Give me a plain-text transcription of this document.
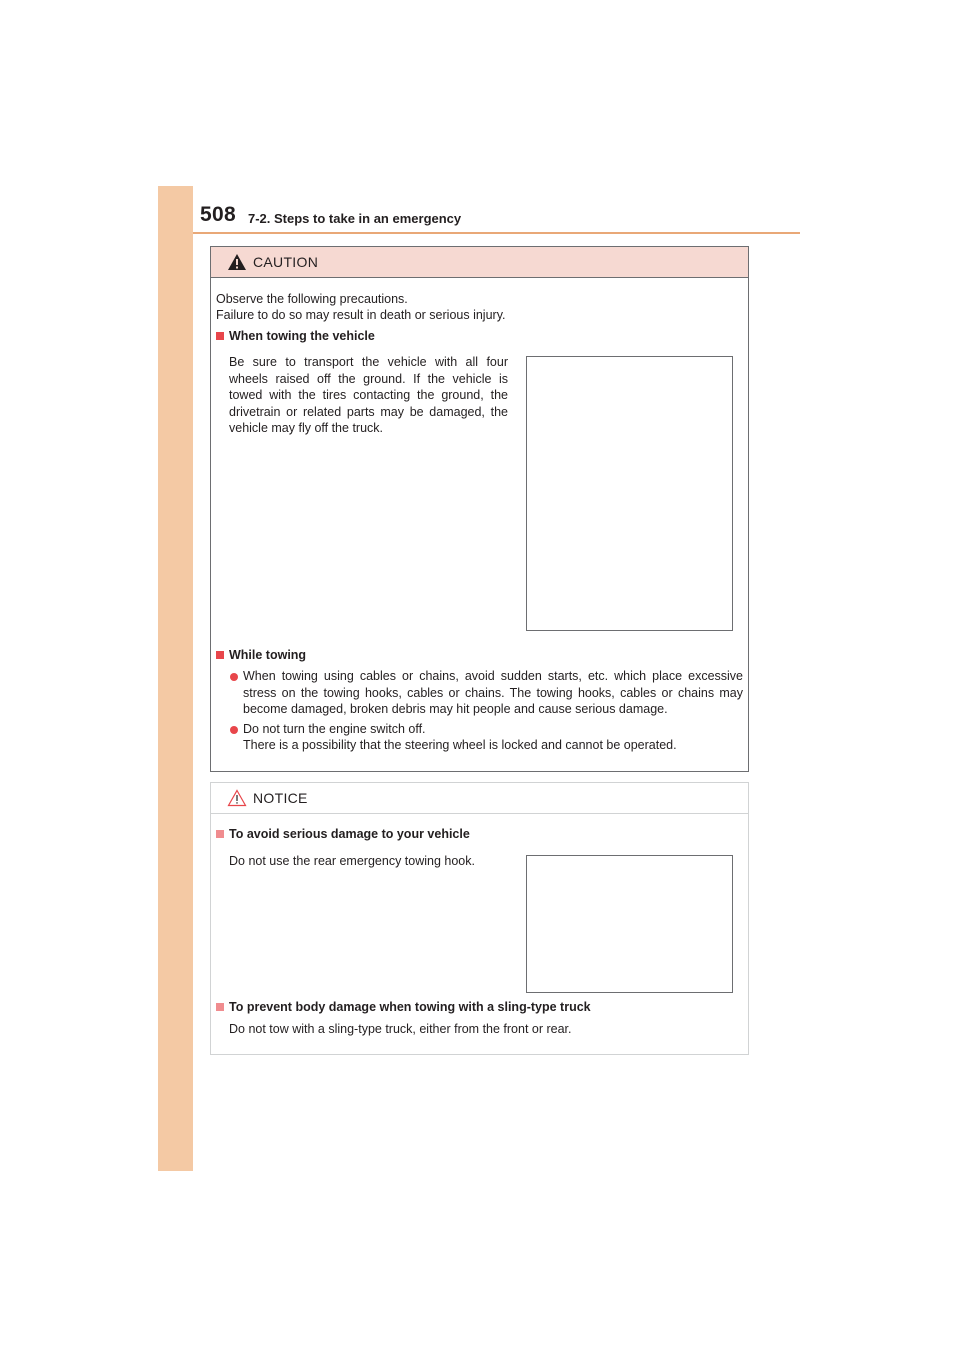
508 7-2. Steps to take in an emergency
CAUTION
Observe the following precautions.
Failure to do so may result in death or serious injury.
When towing the vehicle
Be sure to transport the vehicle with all four wheels raised off the ground. If the vehicle is towed with the tires contacting the ground, the drivetrain or related parts may be damaged, the vehicle may fly off the truck.
While towing
When towing using cables or chains, avoid sudden starts, etc. which place excessive stress on the towing hooks, cables or chains. The towing hooks, cables or chains may become damaged, broken debris may hit people and cause serious damage.
Do not turn the engine switch off.
There is a possibility that the steering wheel is locked and cannot be operated.
NOTICE
To avoid serious damage to your vehicle
Do not use the rear emergency towing hook.
To prevent body damage when towing with a sling-type truck
Do not tow with a sling-type truck, either from the front or rear.
